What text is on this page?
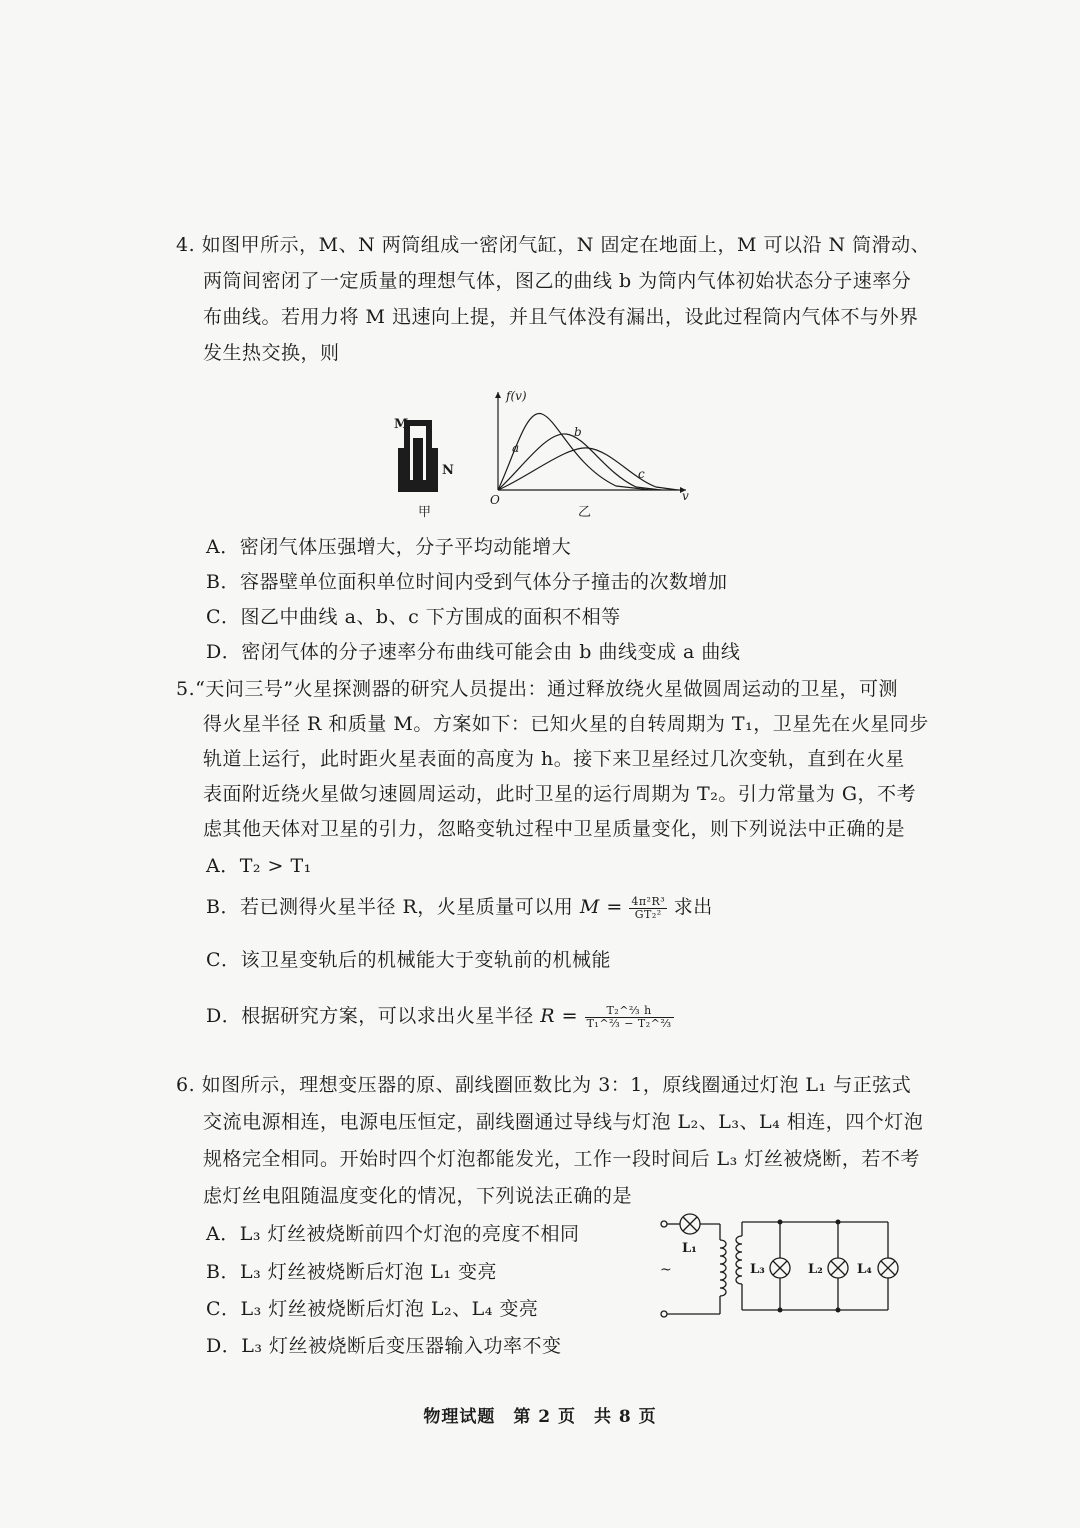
4. 如图甲所示，M、N 两筒组成一密闭气缸，N 固定在地面上，M 可以沿 N 筒滑动、
两筒间密闭了一定质量的理想气体，图乙的曲线 b 为筒内气体初始状态分子速率分
布曲线。若用力将 M 迅速向上提，并且气体没有漏出，设此过程筒内气体不与外界
发生热交换，则
M
N
甲
f(v)
v
O
a
b
c
乙
A．密闭气体压强增大，分子平均动能增大
B．容器壁单位面积单位时间内受到气体分子撞击的次数增加
C．图乙中曲线 a、b、c 下方围成的面积不相等
D．密闭气体的分子速率分布曲线可能会由 b 曲线变成 a 曲线
5.“天问三号”火星探测器的研究人员提出：通过释放绕火星做圆周运动的卫星，可测
得火星半径 R 和质量 M。方案如下：已知火星的自转周期为 T₁，卫星先在火星同步
轨道上运行，此时距火星表面的高度为 h。接下来卫星经过几次变轨，直到在火星
表面附近绕火星做匀速圆周运动，此时卫星的运行周期为 T₂。引力常量为 G，不考
虑其他天体对卫星的引力，忽略变轨过程中卫星质量变化，则下列说法中正确的是
A．T₂ > T₁
B．若已测得火星半径 R，火星质量可以用 $M = \frac{\text{4π²R³}}{\text{GT₂²}}$ 求出
C．该卫星变轨后的机械能大于变轨前的机械能
D．根据研究方案，可以求出火星半径 $R = \frac{\text{T₂\textasciicircum{}⅔ h}}{\text{T₁\textasciicircum{}⅔ − T₂\textasciicircum{}⅔}}$
6. 如图所示，理想变压器的原、副线圈匝数比为 3：1，原线圈通过灯泡 L₁ 与正弦式
交流电源相连，电源电压恒定，副线圈通过导线与灯泡 L₂、L₃、L₄ 相连，四个灯泡
规格完全相同。开始时四个灯泡都能发光，工作一段时间后 L₃ 灯丝被烧断，若不考
虑灯丝电阻随温度变化的情况，下列说法正确的是
A．L₃ 灯丝被烧断前四个灯泡的亮度不相同
B．L₃ 灯丝被烧断后灯泡 L₁ 变亮
C．L₃ 灯丝被烧断后灯泡 L₂、L₄ 变亮
D．L₃ 灯丝被烧断后变压器输入功率不变
L₁
~	L₃	L₂	L₄
物理试题　第 2 页　共 8 页
